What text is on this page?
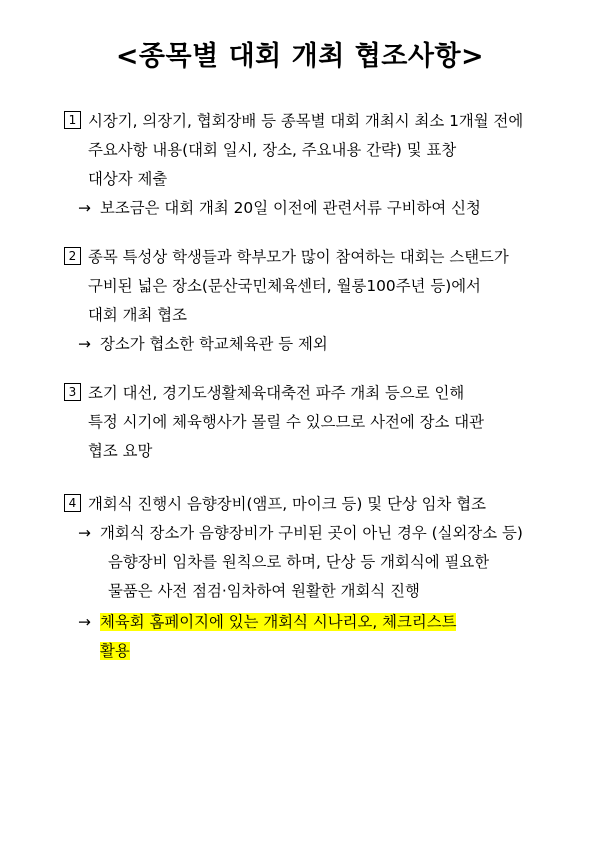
<종목별 대회 개최 협조사항>
1 시장기, 의장기, 협회장배 등 종목별 대회 개최시 최소 1개월 전에
주요사항 내용(대회 일시, 장소, 주요내용 간략) 및 표창
대상자 제출
→ 보조금은 대회 개최 20일 이전에 관련서류 구비하여 신청
2 종목 특성상 학생들과 학부모가 많이 참여하는 대회는 스탠드가
구비된 넓은 장소(문산국민체육센터, 월롱100주년 등)에서
대회 개최 협조
→ 장소가 협소한 학교체육관 등 제외
3 조기 대선, 경기도생활체육대축전 파주 개최 등으로 인해
특정 시기에 체육행사가 몰릴 수 있으므로 사전에 장소 대관
협조 요망
4 개회식 진행시 음향장비(앰프, 마이크 등) 및 단상 임차 협조
→ 개회식 장소가 음향장비가 구비된 곳이 아닌 경우 (실외장소 등)
음향장비 임차를 원칙으로 하며, 단상 등 개회식에 필요한
물품은 사전 점검·임차하여 원활한 개회식 진행
→ 체육회 홈페이지에 있는 개회식 시나리오, 체크리스트
활용
